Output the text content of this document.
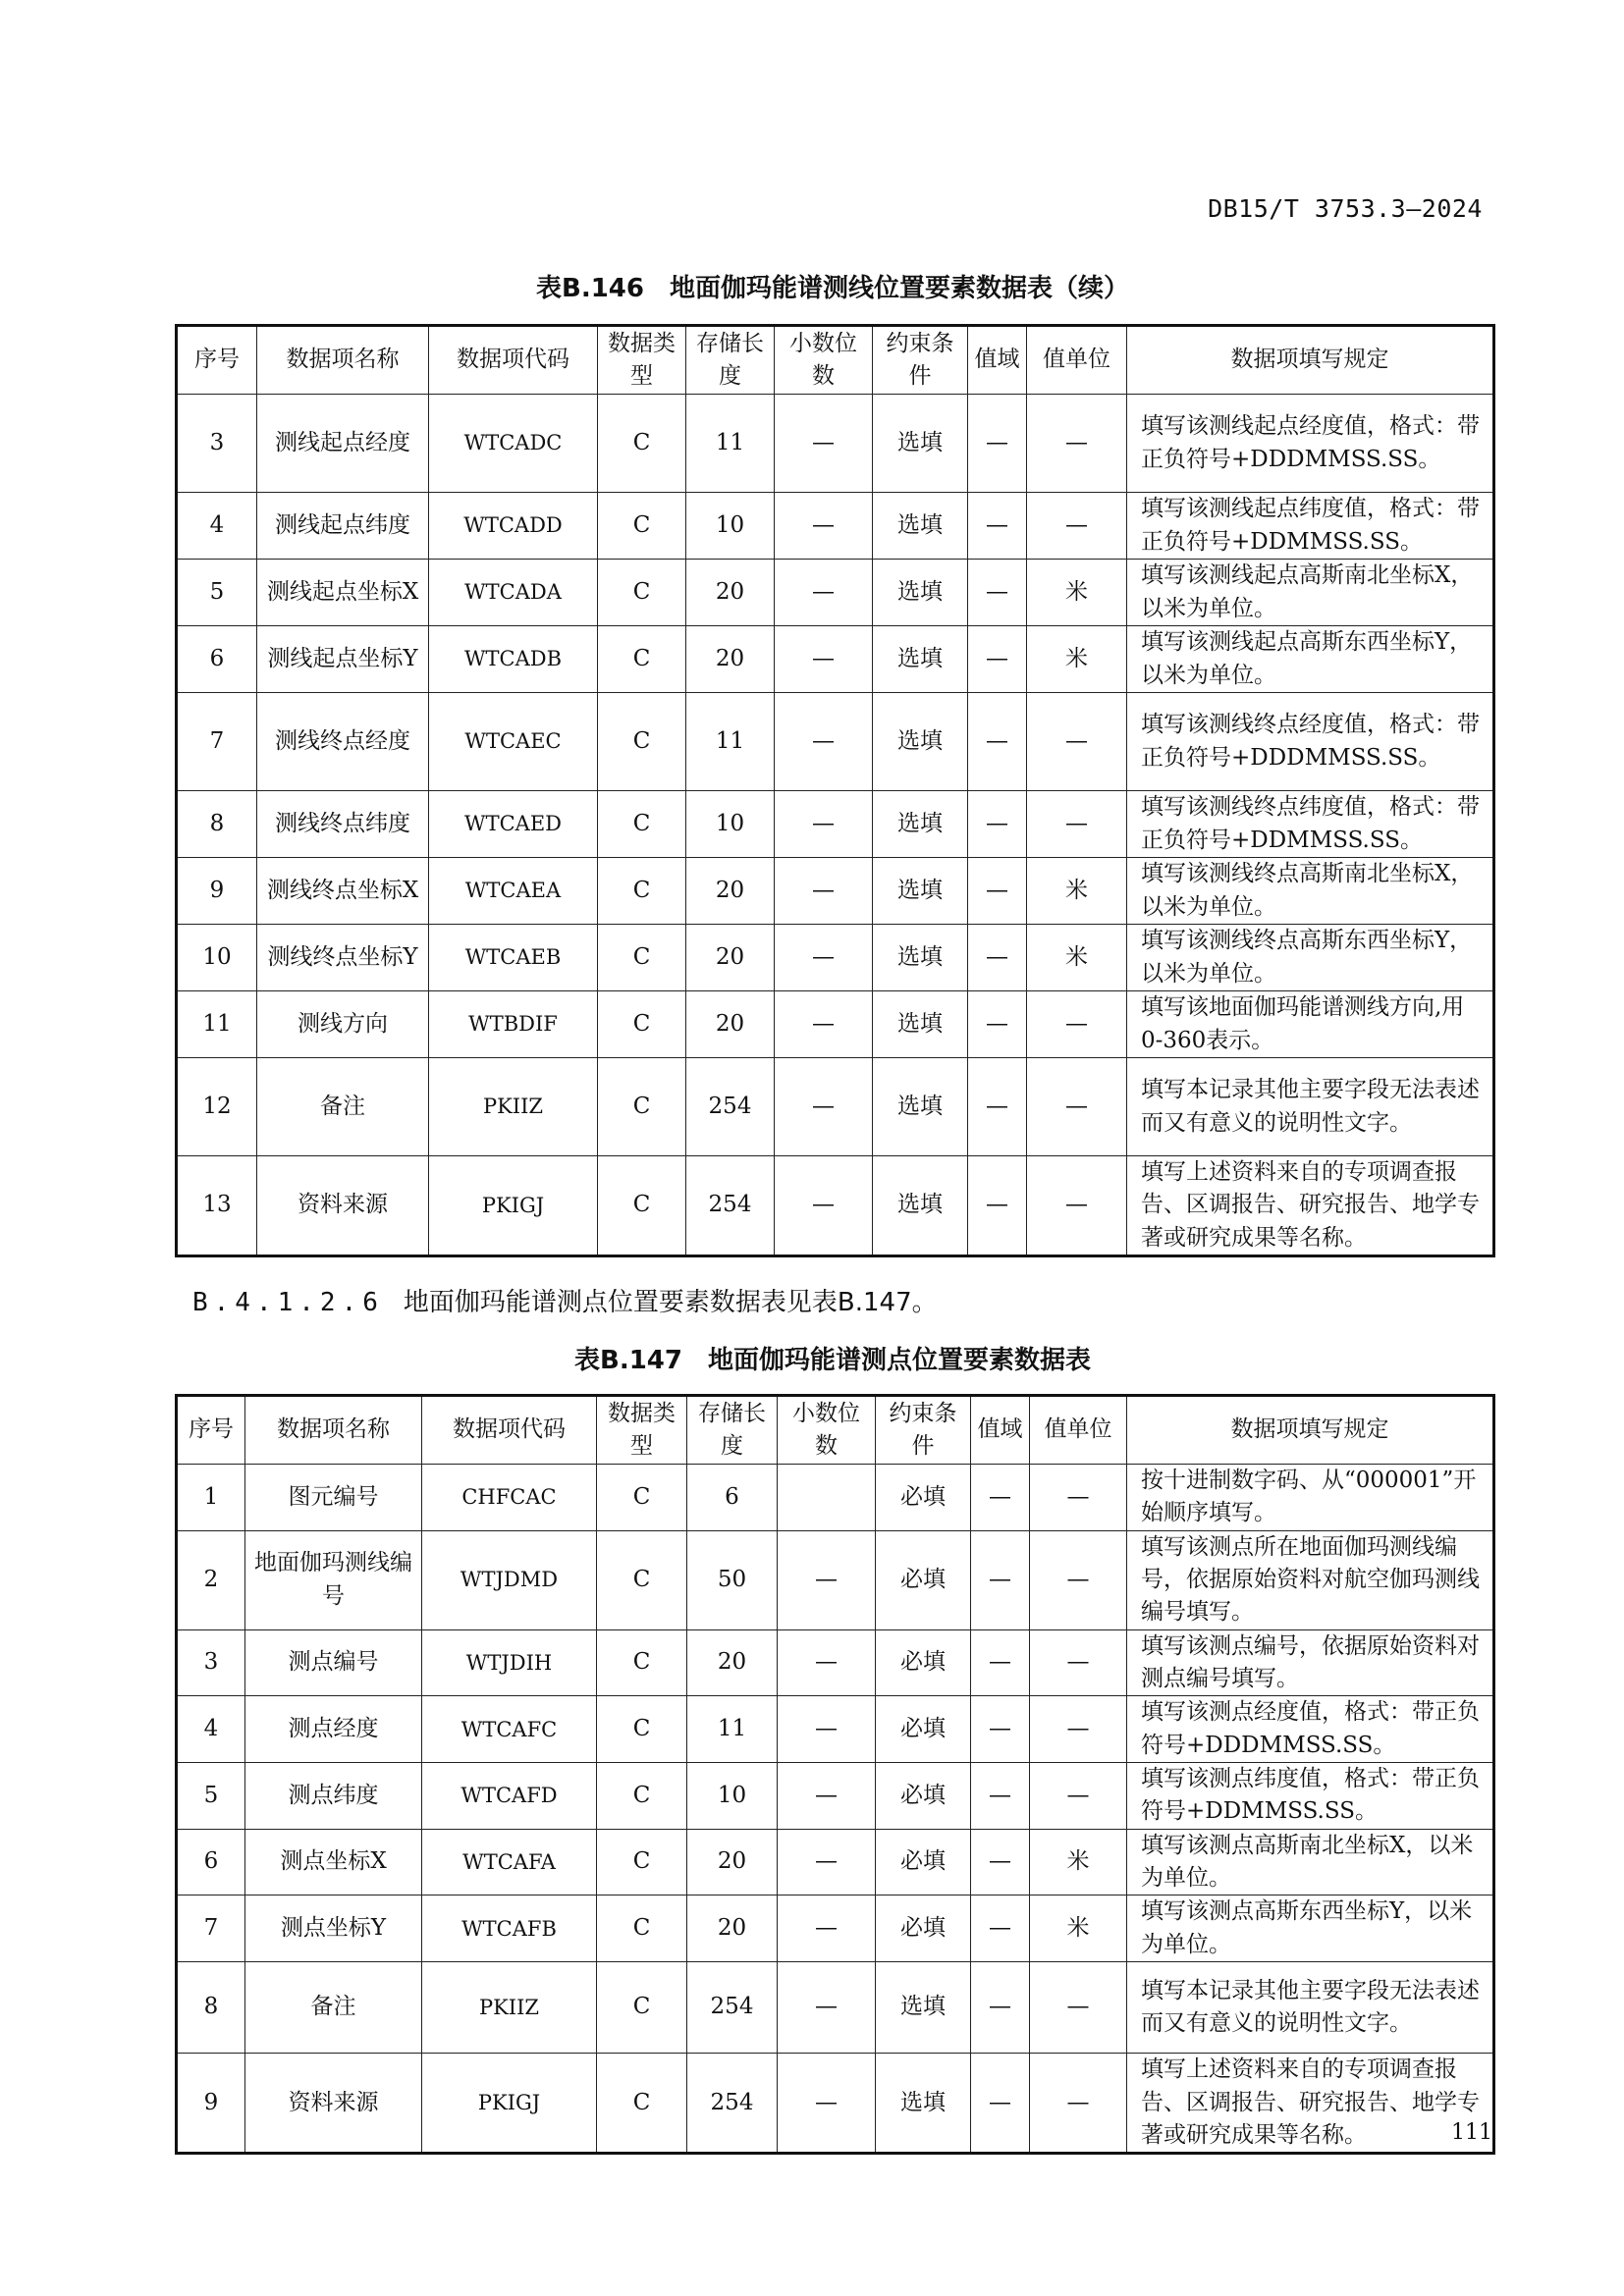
DB15/T 3753.3—2024
表B.146　地面伽玛能谱测线位置要素数据表（续）
序号	数据项名称	数据项代码	数据类型	存储长度	小数位数	约束条件	值域	值单位	数据项填写规定
3	测线起点经度	WTCADC	C	11	—	选填	—	—	填写该测线起点经度值，格式：带正负符号+DDDMMSS.SS。
4	测线起点纬度	WTCADD	C	10	—	选填	—	—	填写该测线起点纬度值，格式：带正负符号+DDMMSS.SS。
5	测线起点坐标X	WTCADA	C	20	—	选填	—	米	填写该测线起点高斯南北坐标X，以米为单位。
6	测线起点坐标Y	WTCADB	C	20	—	选填	—	米	填写该测线起点高斯东西坐标Y，以米为单位。
7	测线终点经度	WTCAEC	C	11	—	选填	—	—	填写该测线终点经度值，格式：带正负符号+DDDMMSS.SS。
8	测线终点纬度	WTCAED	C	10	—	选填	—	—	填写该测线终点纬度值，格式：带正负符号+DDMMSS.SS。
9	测线终点坐标X	WTCAEA	C	20	—	选填	—	米	填写该测线终点高斯南北坐标X，以米为单位。
10	测线终点坐标Y	WTCAEB	C	20	—	选填	—	米	填写该测线终点高斯东西坐标Y，以米为单位。
11	测线方向	WTBDIF	C	20	—	选填	—	—	填写该地面伽玛能谱测线方向,用0-360表示。
12	备注	PKIIZ	C	254	—	选填	—	—	填写本记录其他主要字段无法表述而又有意义的说明性文字。
13	资料来源	PKIGJ	C	254	—	选填	—	—	填写上述资料来自的专项调查报告、区调报告、研究报告、地学专著或研究成果等名称。
B.4.1.2.6 地面伽玛能谱测点位置要素数据表见表B.147。
表B.147　地面伽玛能谱测点位置要素数据表
序号	数据项名称	数据项代码	数据类型	存储长度	小数位数	约束条件	值域	值单位	数据项填写规定
1	图元编号	CHFCAC	C	6		必填	—	—	按十进制数字码、从“000001”开始顺序填写。
2	地面伽玛测线编号	WTJDMD	C	50	—	必填	—	—	填写该测点所在地面伽玛测线编号，依据原始资料对航空伽玛测线编号填写。
3	测点编号	WTJDIH	C	20	—	必填	—	—	填写该测点编号，依据原始资料对测点编号填写。
4	测点经度	WTCAFC	C	11	—	必填	—	—	填写该测点经度值，格式：带正负符号+DDDMMSS.SS。
5	测点纬度	WTCAFD	C	10	—	必填	—	—	填写该测点纬度值，格式：带正负符号+DDMMSS.SS。
6	测点坐标X	WTCAFA	C	20	—	必填	—	米	填写该测点高斯南北坐标X，以米为单位。
7	测点坐标Y	WTCAFB	C	20	—	必填	—	米	填写该测点高斯东西坐标Y，以米为单位。
8	备注	PKIIZ	C	254	—	选填	—	—	填写本记录其他主要字段无法表述而又有意义的说明性文字。
9	资料来源	PKIGJ	C	254	—	选填	—	—	填写上述资料来自的专项调查报告、区调报告、研究报告、地学专著或研究成果等名称。	111
